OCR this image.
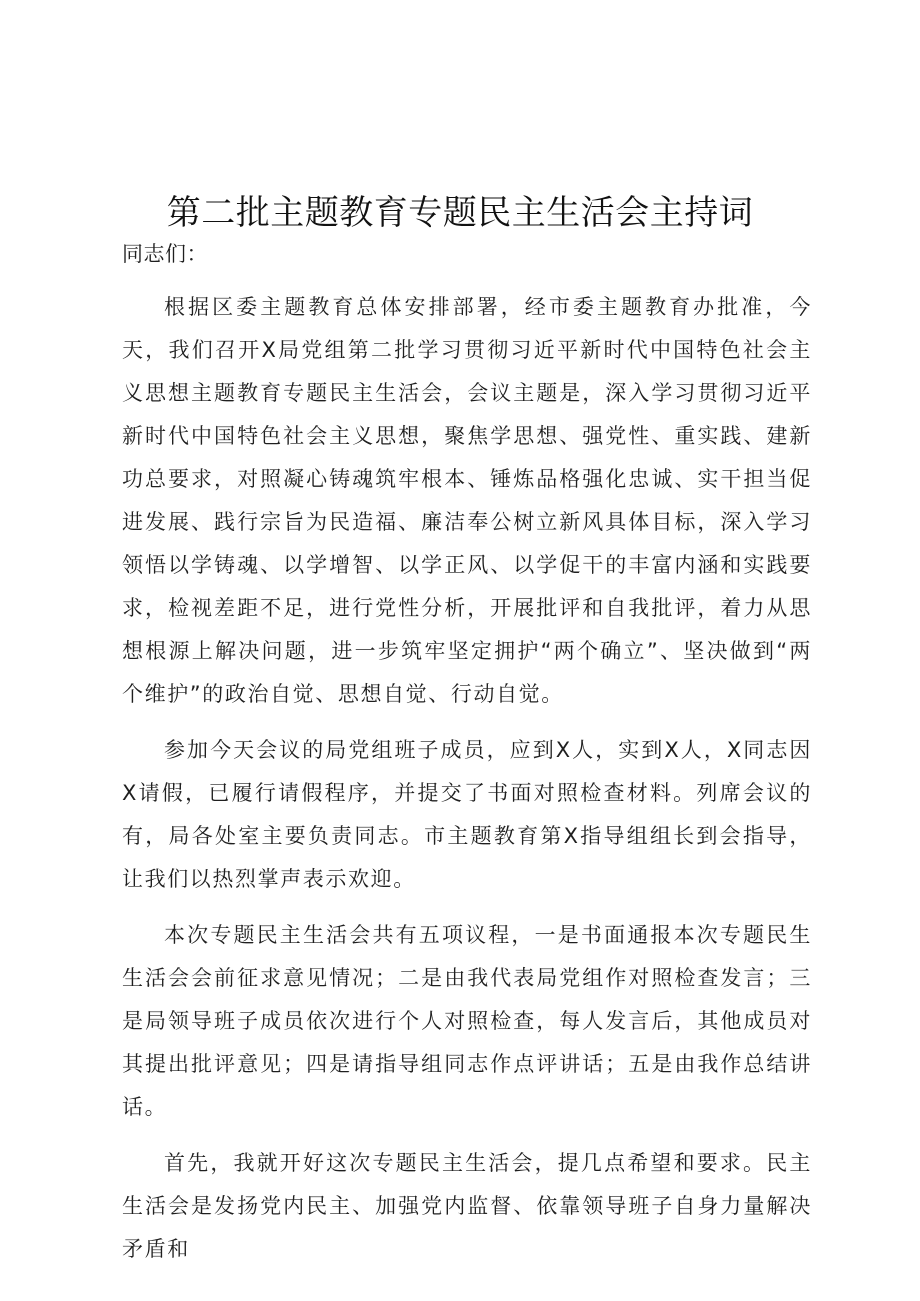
第二批主题教育专题民主生活会主持词

同志们：

根据区委主题教育总体安排部署，经市委主题教育办批准，今天，我们召开X局党组第二批学习贯彻习近平新时代中国特色社会主义思想主题教育专题民主生活会，会议主题是，深入学习贯彻习近平新时代中国特色社会主义思想，聚焦学思想、强党性、重实践、建新功总要求，对照凝心铸魂筑牢根本、锤炼品格强化忠诚、实干担当促进发展、践行宗旨为民造福、廉洁奉公树立新风具体目标，深入学习领悟以学铸魂、以学增智、以学正风、以学促干的丰富内涵和实践要求，检视差距不足，进行党性分析，开展批评和自我批评，着力从思想根源上解决问题，进一步筑牢坚定拥护“两个确立”、坚决做到“两个维护”的政治自觉、思想自觉、行动自觉。

参加今天会议的局党组班子成员，应到X人，实到X人，X同志因X请假，已履行请假程序，并提交了书面对照检查材料。列席会议的有，局各处室主要负责同志。市主题教育第X指导组组长到会指导，让我们以热烈掌声表示欢迎。

本次专题民主生活会共有五项议程，一是书面通报本次专题民生生活会会前征求意见情况；二是由我代表局党组作对照检查发言；三是局领导班子成员依次进行个人对照检查，每人发言后，其他成员对其提出批评意见；四是请指导组同志作点评讲话；五是由我作总结讲话。

首先，我就开好这次专题民主生活会，提几点希望和要求。民主生活会是发扬党内民主、加强党内监督、依靠领导班子自身力量解决矛盾和
